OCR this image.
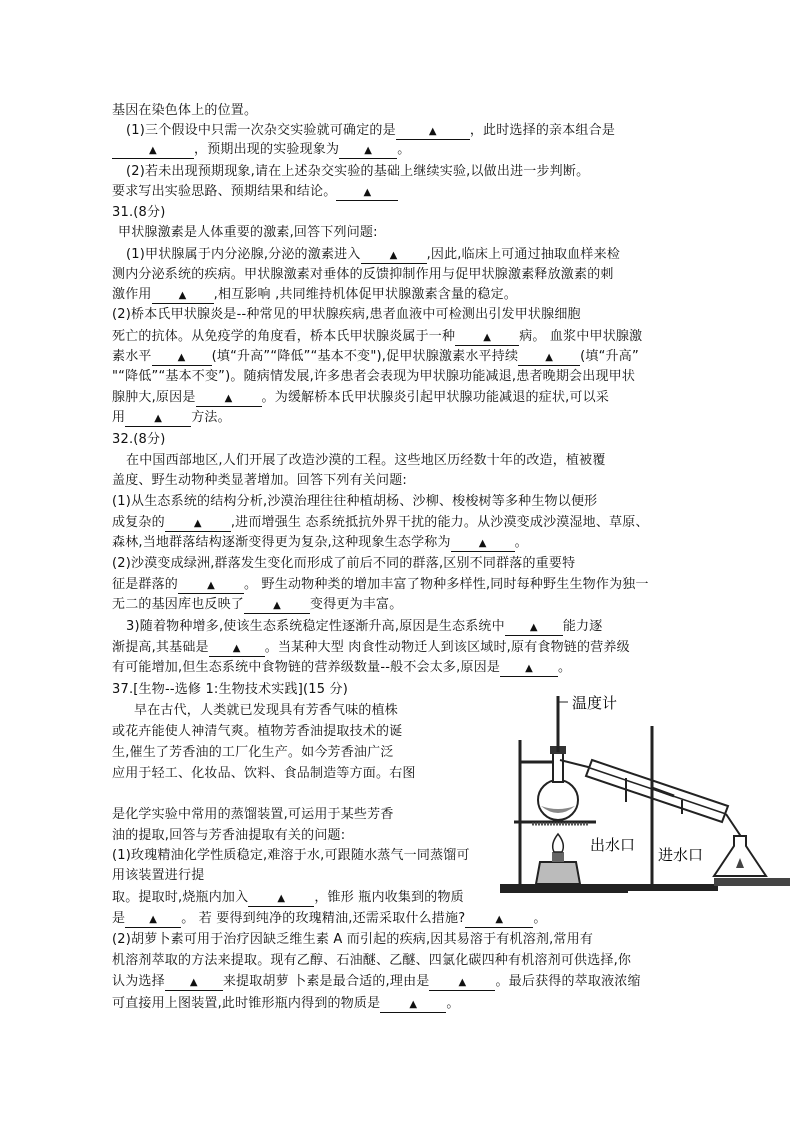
基因在染色体上的位置。
(1)三个假设中只需一次杂交实验就可确定的是	▲	，此时选择的亲本组合是
▲	，预期出现的实验现象为	▲ 。
(2)若未出现预期现象,请在上述杂交实验的基础上继续实验,以做出进一步判断。
要求写出实验思路、预期结果和结论。	▲
31.(8分)
甲状腺激素是人体重要的激素,回答下列问题:
(1)甲状腺属于内分泌腺,分泌的激素进入	▲ ,因此,临床上可通过抽取血样来检
测内分泌系统的疾病。甲状腺激素对垂体的反馈抑制作用与促甲状腺激素释放激素的刺
激作用	▲ ,相互影响 ,共同维持机体促甲状腺激素含量的稳定。
(2)桥本氏甲状腺炎是--种常见的甲状腺疾病,患者血液中可检测出引发甲状腺细胞
死亡的抗体。从免疫学的角度看，桥本氏甲状腺炎属于一种	▲ 病。 血浆中甲状腺激
素水平	▲ (填“升高”“降低”“基本不变"),促甲状腺激素水平持续	▲ (填“升高”
"“降低”“基本不变”)。随病情发展,许多患者会表现为甲状腺功能减退,患者晚期会出现甲状
腺肿大,原因是	▲ 。为缓解桥本氏甲状腺炎引起甲状腺功能减退的症状,可以采
用	▲ 方法。
32.(8分)
在中国西部地区,人们开展了改造沙漠的工程。这些地区历经数十年的改造，植被覆
盖度、野生动物种类显著增加。回答下列有关问题:
(1)从生态系统的结构分析,沙漠治理往往种植胡杨、沙柳、梭梭树等多种生物以便形
成复杂的	▲ ,进而增强生 态系统抵抗外界干扰的能力。从沙漠变成沙漠湿地、草原、
森林,当地群落结构逐渐变得更为复杂,这种现象生态学称为	▲ 。
(2)沙漠变成绿洲,群落发生变化而形成了前后不同的群落,区别不同群落的重要特
征是群落的	▲ 。 野生动物种类的增加丰富了物种多样性,同时每种野生生物作为独一
无二的基因库也反映了	▲ 变得更为丰富。
3)随着物种增多,使该生态系统稳定性逐渐升高,原因是生态系统中	▲ 能力逐
渐提高,其基础是 ▲ 。当某种大型 肉食性动物迁人到该区域时,原有食物链的营养级
有可能增加,但生态系统中食物链的营养级数量--般不会太多,原因是	▲ 。
37.[生物--选修 1:生物技术实践](15 分)
早在古代，人类就已发现具有芳香气味的植株
或花卉能使人神清气爽。植物芳香油提取技术的诞
生,催生了芳香油的工厂化生产。如今芳香油广泛
应用于轻工、化妆品、饮料、食品制造等方面。右图
是化学实验中常用的蒸馏装置,可运用于某些芳香
油的提取,回答与芳香油提取有关的问题:
(1)玫瑰精油化学性质稳定,难溶于水,可跟随水蒸气一同蒸馏可
用该装置进行提
取。提取时,烧瓶内加入	▲ ，锥形 瓶内收集到的物质
是 ▲ 。 若 要得到纯净的玫瑰精油,还需采取什么措施?	▲ 。
(2)胡萝卜素可用于治疗因缺乏维生素 A 而引起的疾病,因其易溶于有机溶剂,常用有
机溶剂萃取的方法来提取。现有乙醇、石油醚、乙醚、四氯化碳四种有机溶剂可供选择,你
认为选择	▲ 来提取胡萝 卜素是最合适的,理由是	▲ 。最后获得的萃取液浓缩
可直接用上图装置,此时锥形瓶内得到的物质是	▲ 。
温度计
出水口
进水口
